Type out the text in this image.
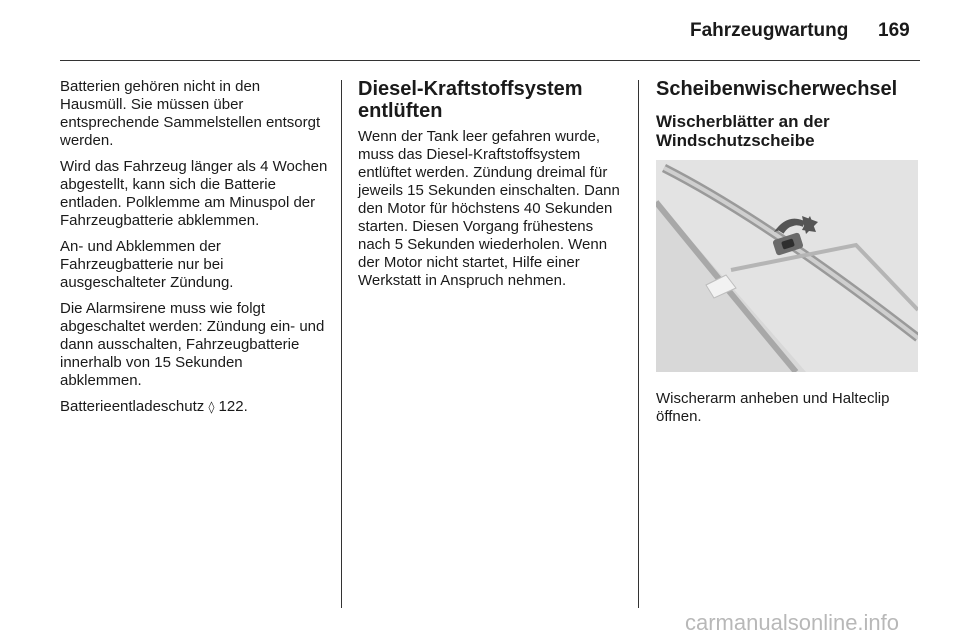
Fahrzeugwartung 169

Batterien gehören nicht in den Hausmüll. Sie müssen über entsprechende Sammelstellen entsorgt werden.

Wird das Fahrzeug länger als 4 Wochen abgestellt, kann sich die Batterie entladen. Polklemme am Minuspol der Fahrzeugbatterie abklemmen.

An- und Abklemmen der Fahrzeugbatterie nur bei ausgeschalteter Zündung.

Die Alarmsirene muss wie folgt abgeschaltet werden: Zündung ein- und dann ausschalten, Fahrzeugbatterie innerhalb von 15 Sekunden abklemmen.

Batterieentladeschutz ◊ 122.

Diesel-Kraftstoffsystem entlüften

Wenn der Tank leer gefahren wurde, muss das Diesel-Kraftstoffsystem entlüftet werden. Zündung dreimal für jeweils 15 Sekunden einschalten. Dann den Motor für höchstens 40 Sekunden starten. Diesen Vorgang frühestens nach 5 Sekunden wiederholen. Wenn der Motor nicht startet, Hilfe einer Werkstatt in Anspruch nehmen.

Scheibenwischerwechsel
Wischerblätter an der Windschutzscheibe

Wischerarm anheben und Halteclip öffnen.

carmanualsonline.info
